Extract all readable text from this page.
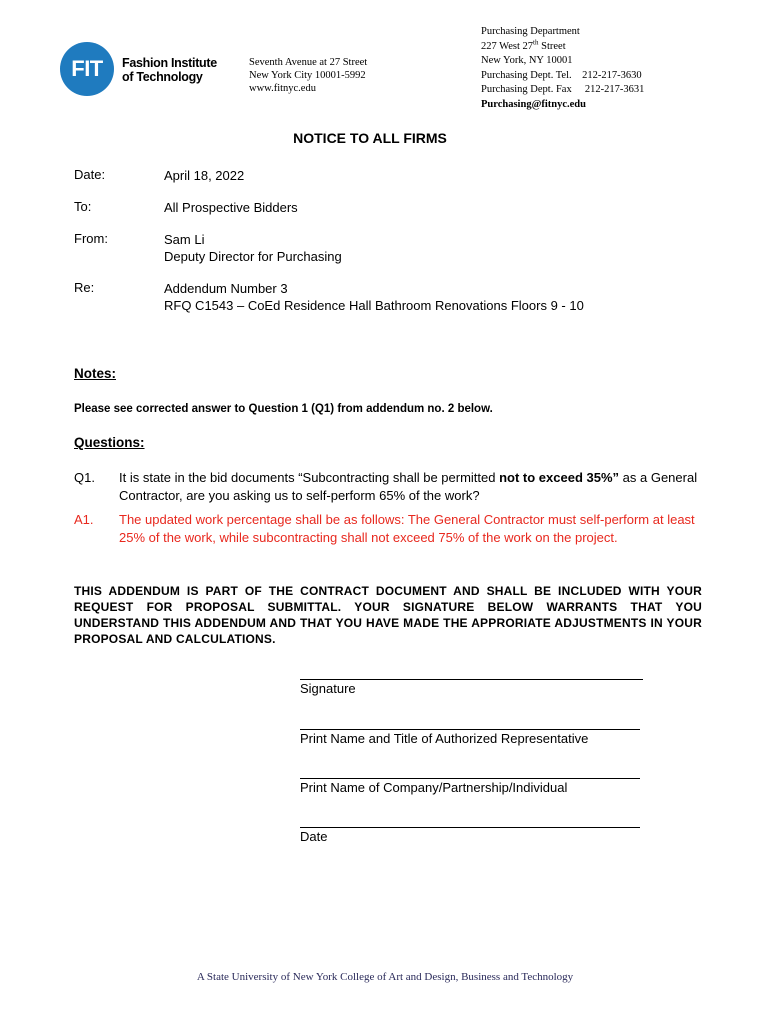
FIT	Fashion Institute
of Technology
Seventh Avenue at 27 Street
New York City 10001-5992
www.fitnyc.edu
Purchasing Department
227 West 27th Street
New York, NY 10001
Purchasing Dept. Tel.    212-217-3630
Purchasing Dept. Fax     212-217-3631
Purchasing@fitnyc.edu
NOTICE TO ALL FIRMS
Date:	April 18, 2022
To:	All Prospective Bidders
From:	Sam Li
Deputy Director for Purchasing
Re:	Addendum Number 3
RFQ C1543 – CoEd Residence Hall Bathroom Renovations Floors 9 - 10
Notes:
Please see corrected answer to Question 1 (Q1) from addendum no. 2 below.
Questions:
Q1. It is state in the bid documents “Subcontracting shall be permitted not to exceed 35%” as a General Contractor, are you asking us to self-perform 65% of the work?
A1. The updated work percentage shall be as follows: The General Contractor must self-perform at least 25% of the work, while subcontracting shall not exceed 75% of the work on the project.
THIS ADDENDUM IS PART OF THE CONTRACT DOCUMENT AND SHALL BE INCLUDED WITH YOUR REQUEST FOR PROPOSAL SUBMITTAL. YOUR SIGNATURE BELOW WARRANTS THAT YOU UNDERSTAND THIS ADDENDUM AND THAT YOU HAVE MADE THE APPRORIATE ADJUSTMENTS IN YOUR PROPOSAL AND CALCULATIONS.
Signature
Print Name and Title of Authorized Representative
Print Name of Company/Partnership/Individual
Date
A State University of New York College of Art and Design, Business and Technology
